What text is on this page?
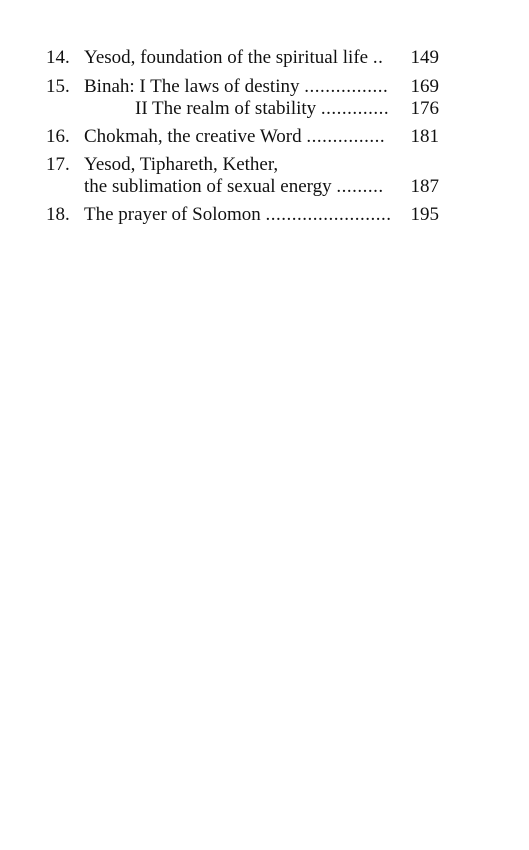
14. Yesod, foundation of the spiritual life ..	149
15. Binah: I The laws of destiny ................	169
II The realm of stability .............	176
16. Chokmah, the creative Word ...............	181
17. Yesod, Tiphareth, Kether,
the sublimation of sexual energy .........	187
18. The prayer of Solomon ........................ 195
